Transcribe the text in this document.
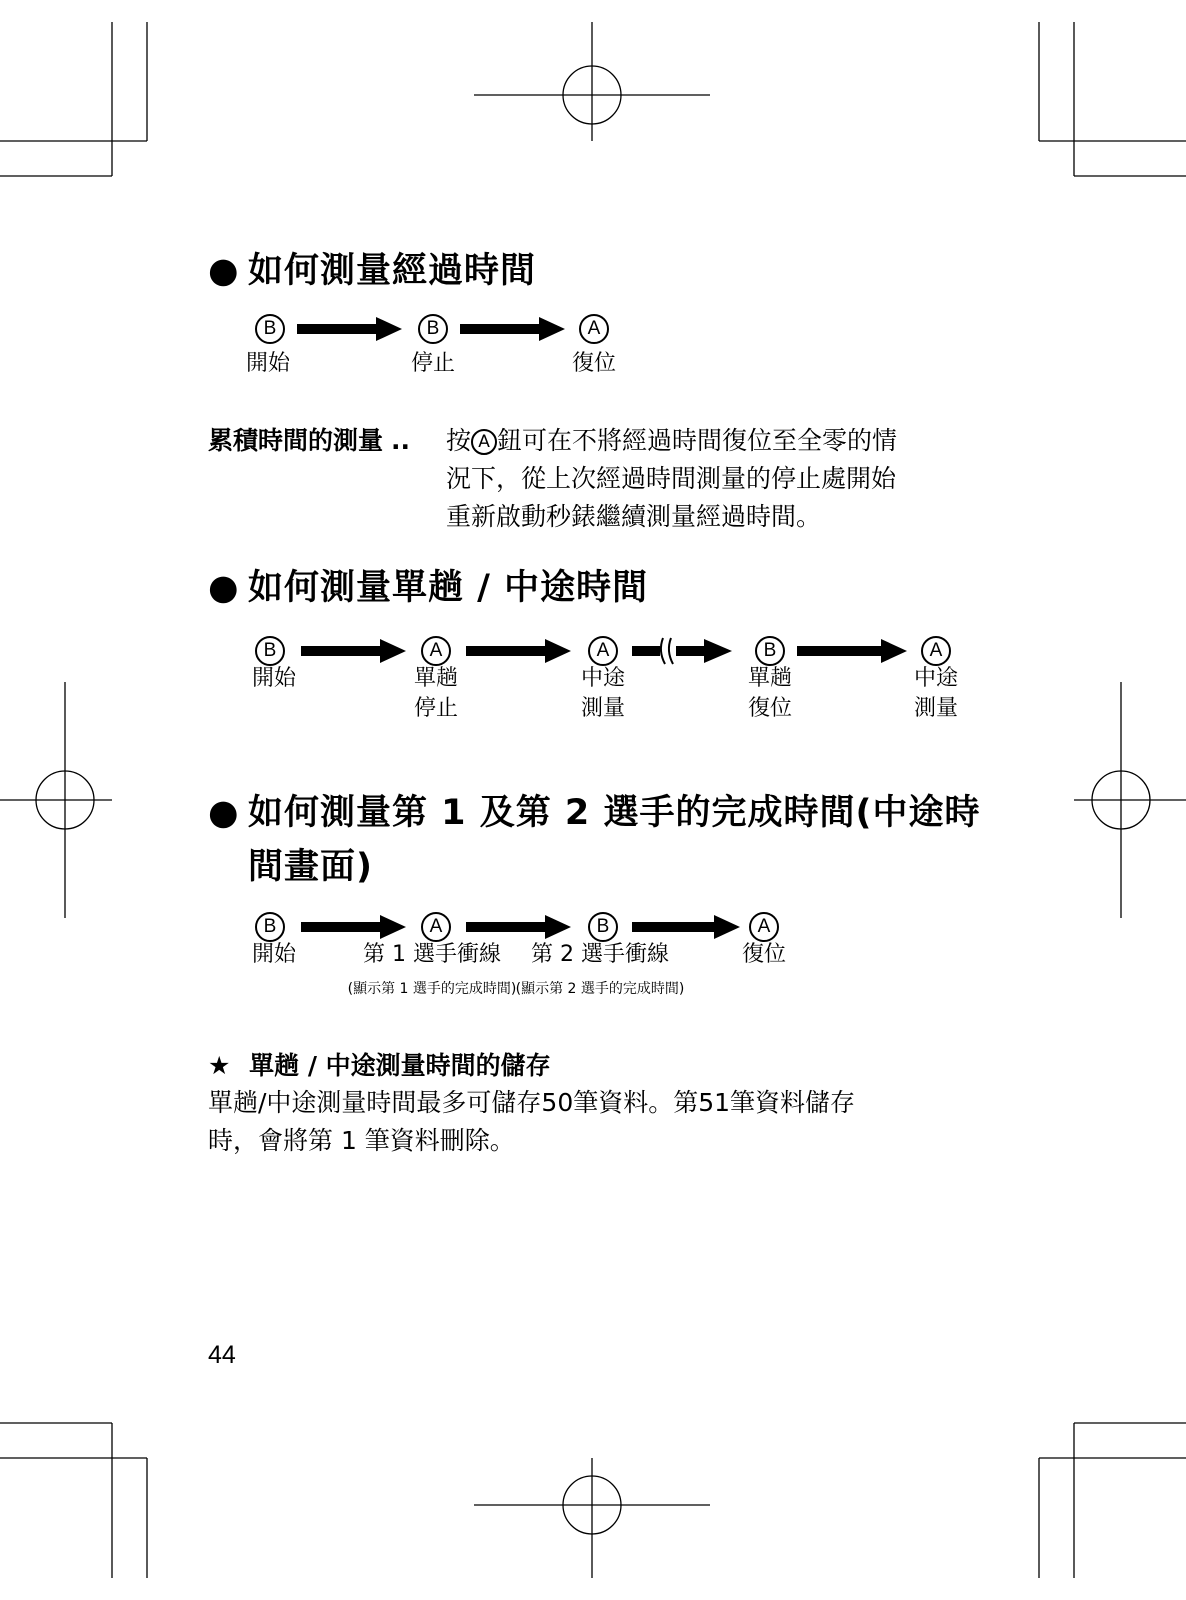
● 如何測量經過時間
B	B	A
開始	停止	復位
累積時間的測量 .. 按 A 鈕可在不將經過時間復位至全零的情
況下，從上次經過時間測量的停止處開始
重新啟動秒錶繼續測量經過時間。
● 如何測量單趟 / 中途時間
B	A	A	B	A
開始	單趟
停止
中途
測量
單趟
復位
中途
測量
● 如何測量第 1 及第 2 選手的完成時間(中途時
間畫面)
B	A	B	A
開始	第 1 選手衝線 第 2 選手衝線	復位
(顯示第 1 選手的完成時間) (顯示第 2 選手的完成時間)
★ 單趟 / 中途測量時間的儲存
單趟/中途測量時間最多可儲存50筆資料。第51筆資料儲存
時，會將第 1 筆資料刪除。
44
